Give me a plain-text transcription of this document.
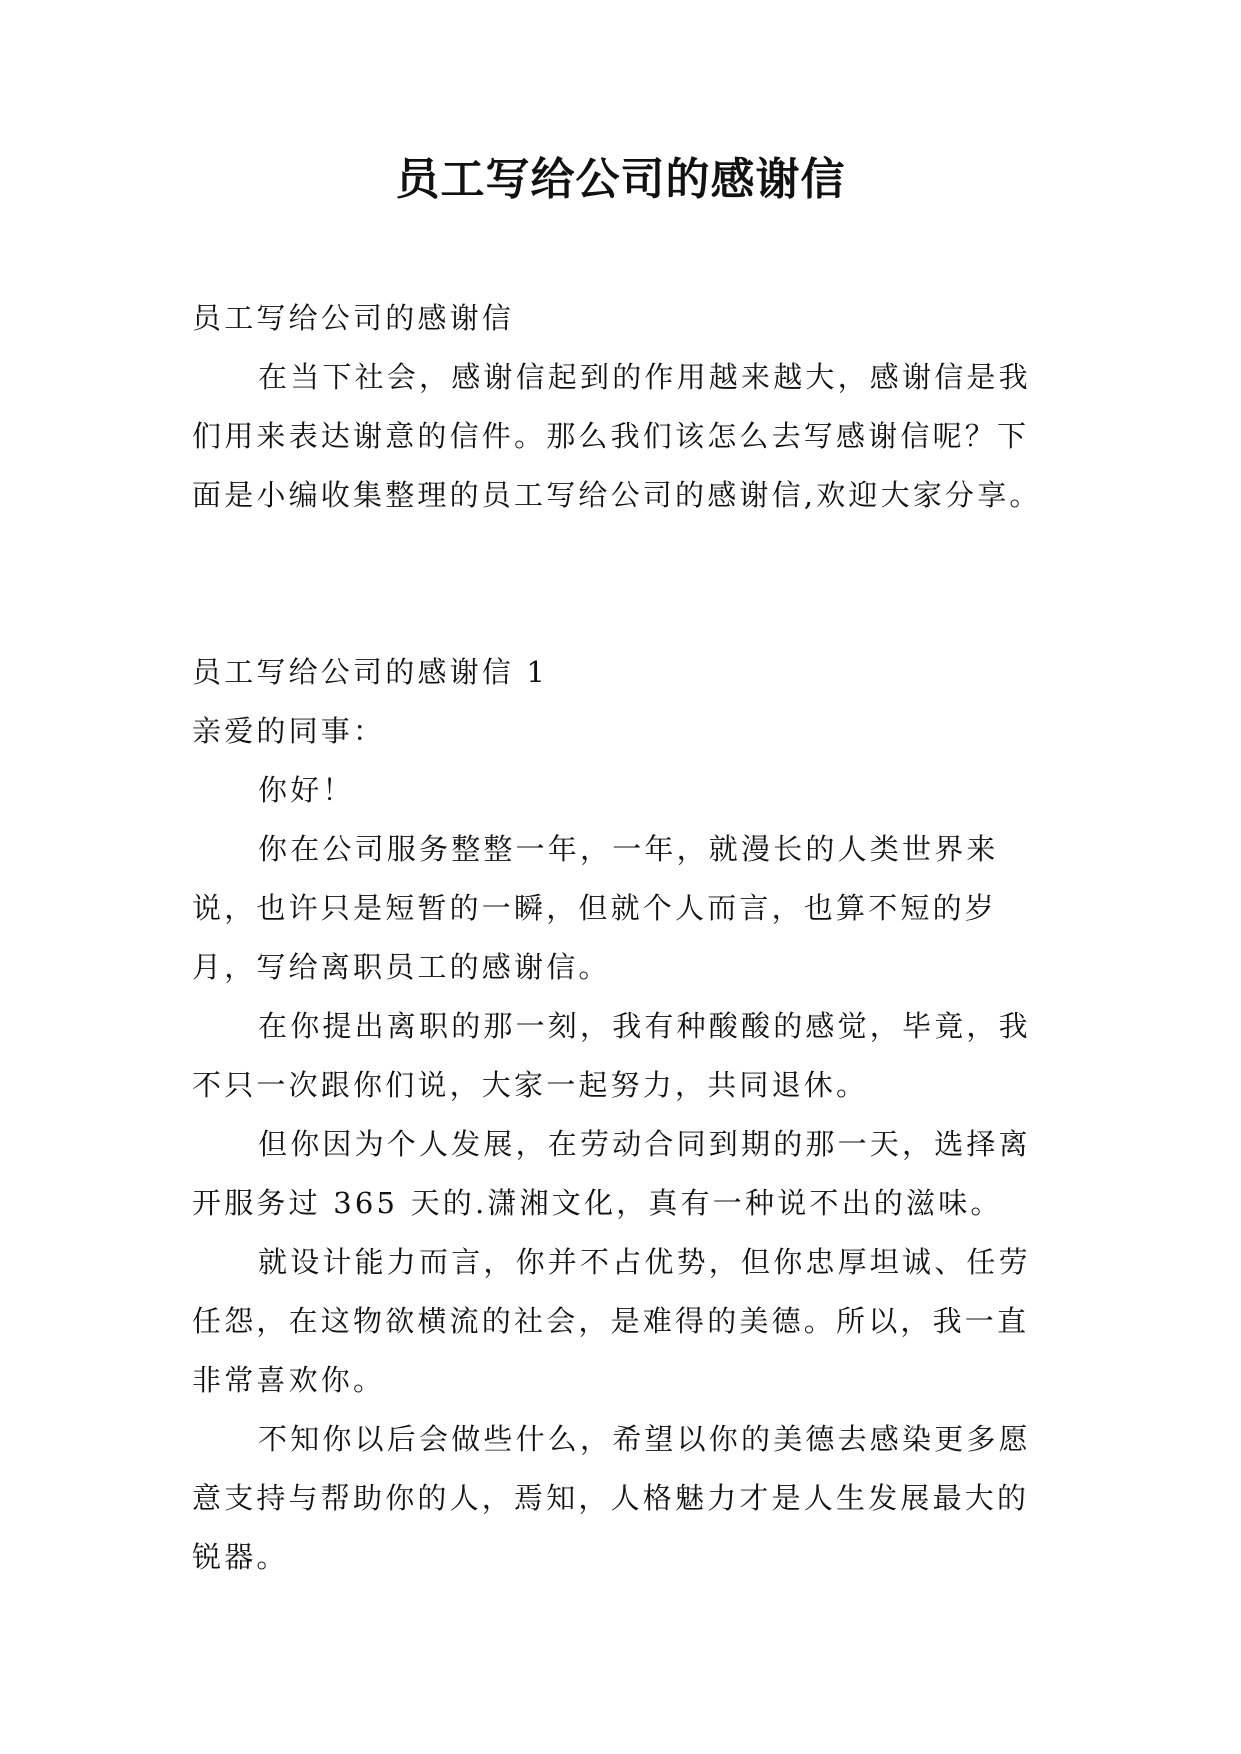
员工写给公司的感谢信

员工写给公司的感谢信

在当下社会，感谢信起到的作用越来越大，感谢信是我们用来表达谢意的信件。那么我们该怎么去写感谢信呢？下面是小编收集整理的员工写给公司的感谢信,欢迎大家分享。

员工写给公司的感谢信 1

亲爱的同事：

你好！

你在公司服务整整一年，一年，就漫长的人类世界来说，也许只是短暂的一瞬，但就个人而言，也算不短的岁月，写给离职员工的感谢信。

在你提出离职的那一刻，我有种酸酸的感觉，毕竟，我不只一次跟你们说，大家一起努力，共同退休。

但你因为个人发展，在劳动合同到期的那一天，选择离开服务过 365 天的.潇湘文化，真有一种说不出的滋味。

就设计能力而言，你并不占优势，但你忠厚坦诚、任劳任怨，在这物欲横流的社会，是难得的美德。所以，我一直非常喜欢你。

不知你以后会做些什么，希望以你的美德去感染更多愿意支持与帮助你的人，焉知，人格魅力才是人生发展最大的锐器。
